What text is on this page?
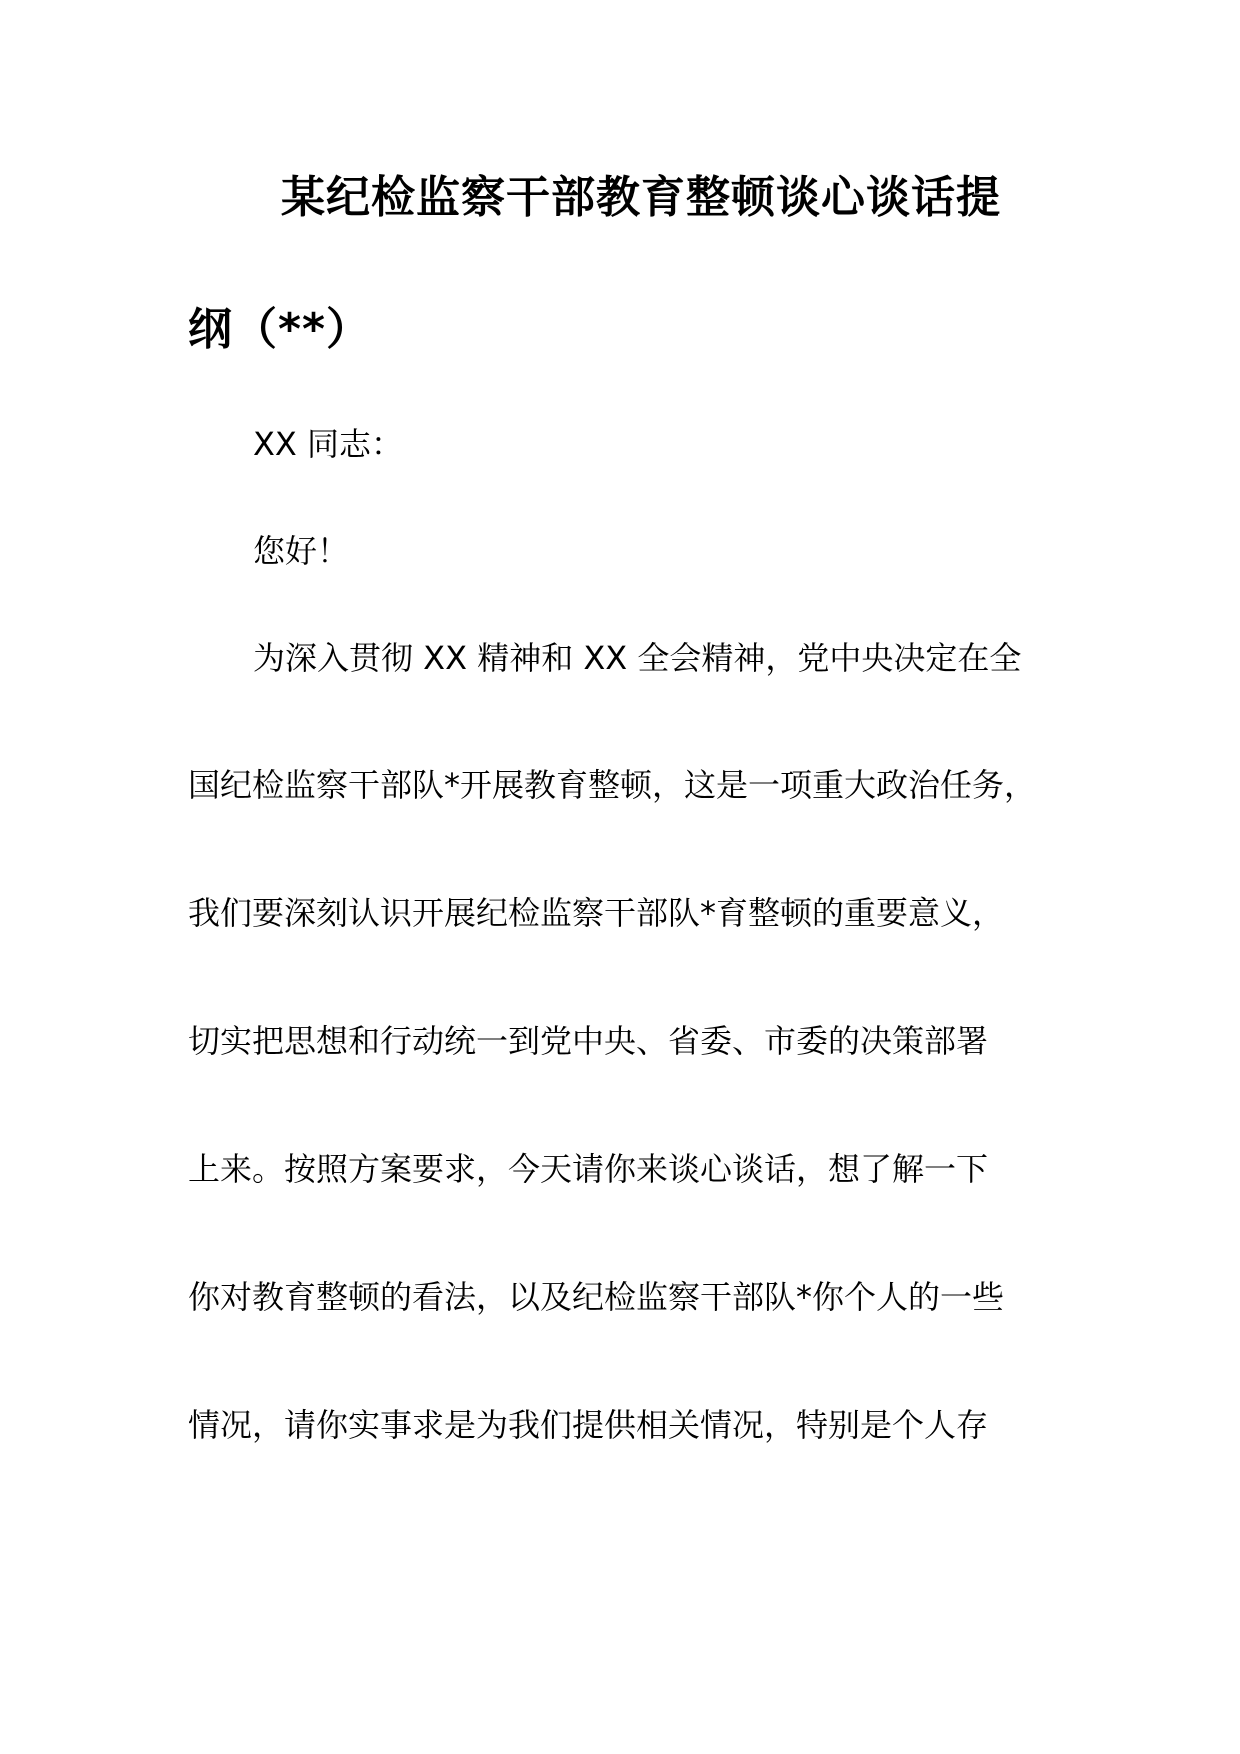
某纪检监察干部教育整顿谈心谈话提
纲（**）
XX 同志：
您好！
为深入贯彻 XX 精神和 XX 全会精神，党中央决定在全
国纪检监察干部队*开展教育整顿，这是一项重大政治任务，
我们要深刻认识开展纪检监察干部队*育整顿的重要意义，
切实把思想和行动统一到党中央、省委、市委的决策部署
上来。按照方案要求，今天请你来谈心谈话，想了解一下
你对教育整顿的看法，以及纪检监察干部队*你个人的一些
情况，请你实事求是为我们提供相关情况，特别是个人存
